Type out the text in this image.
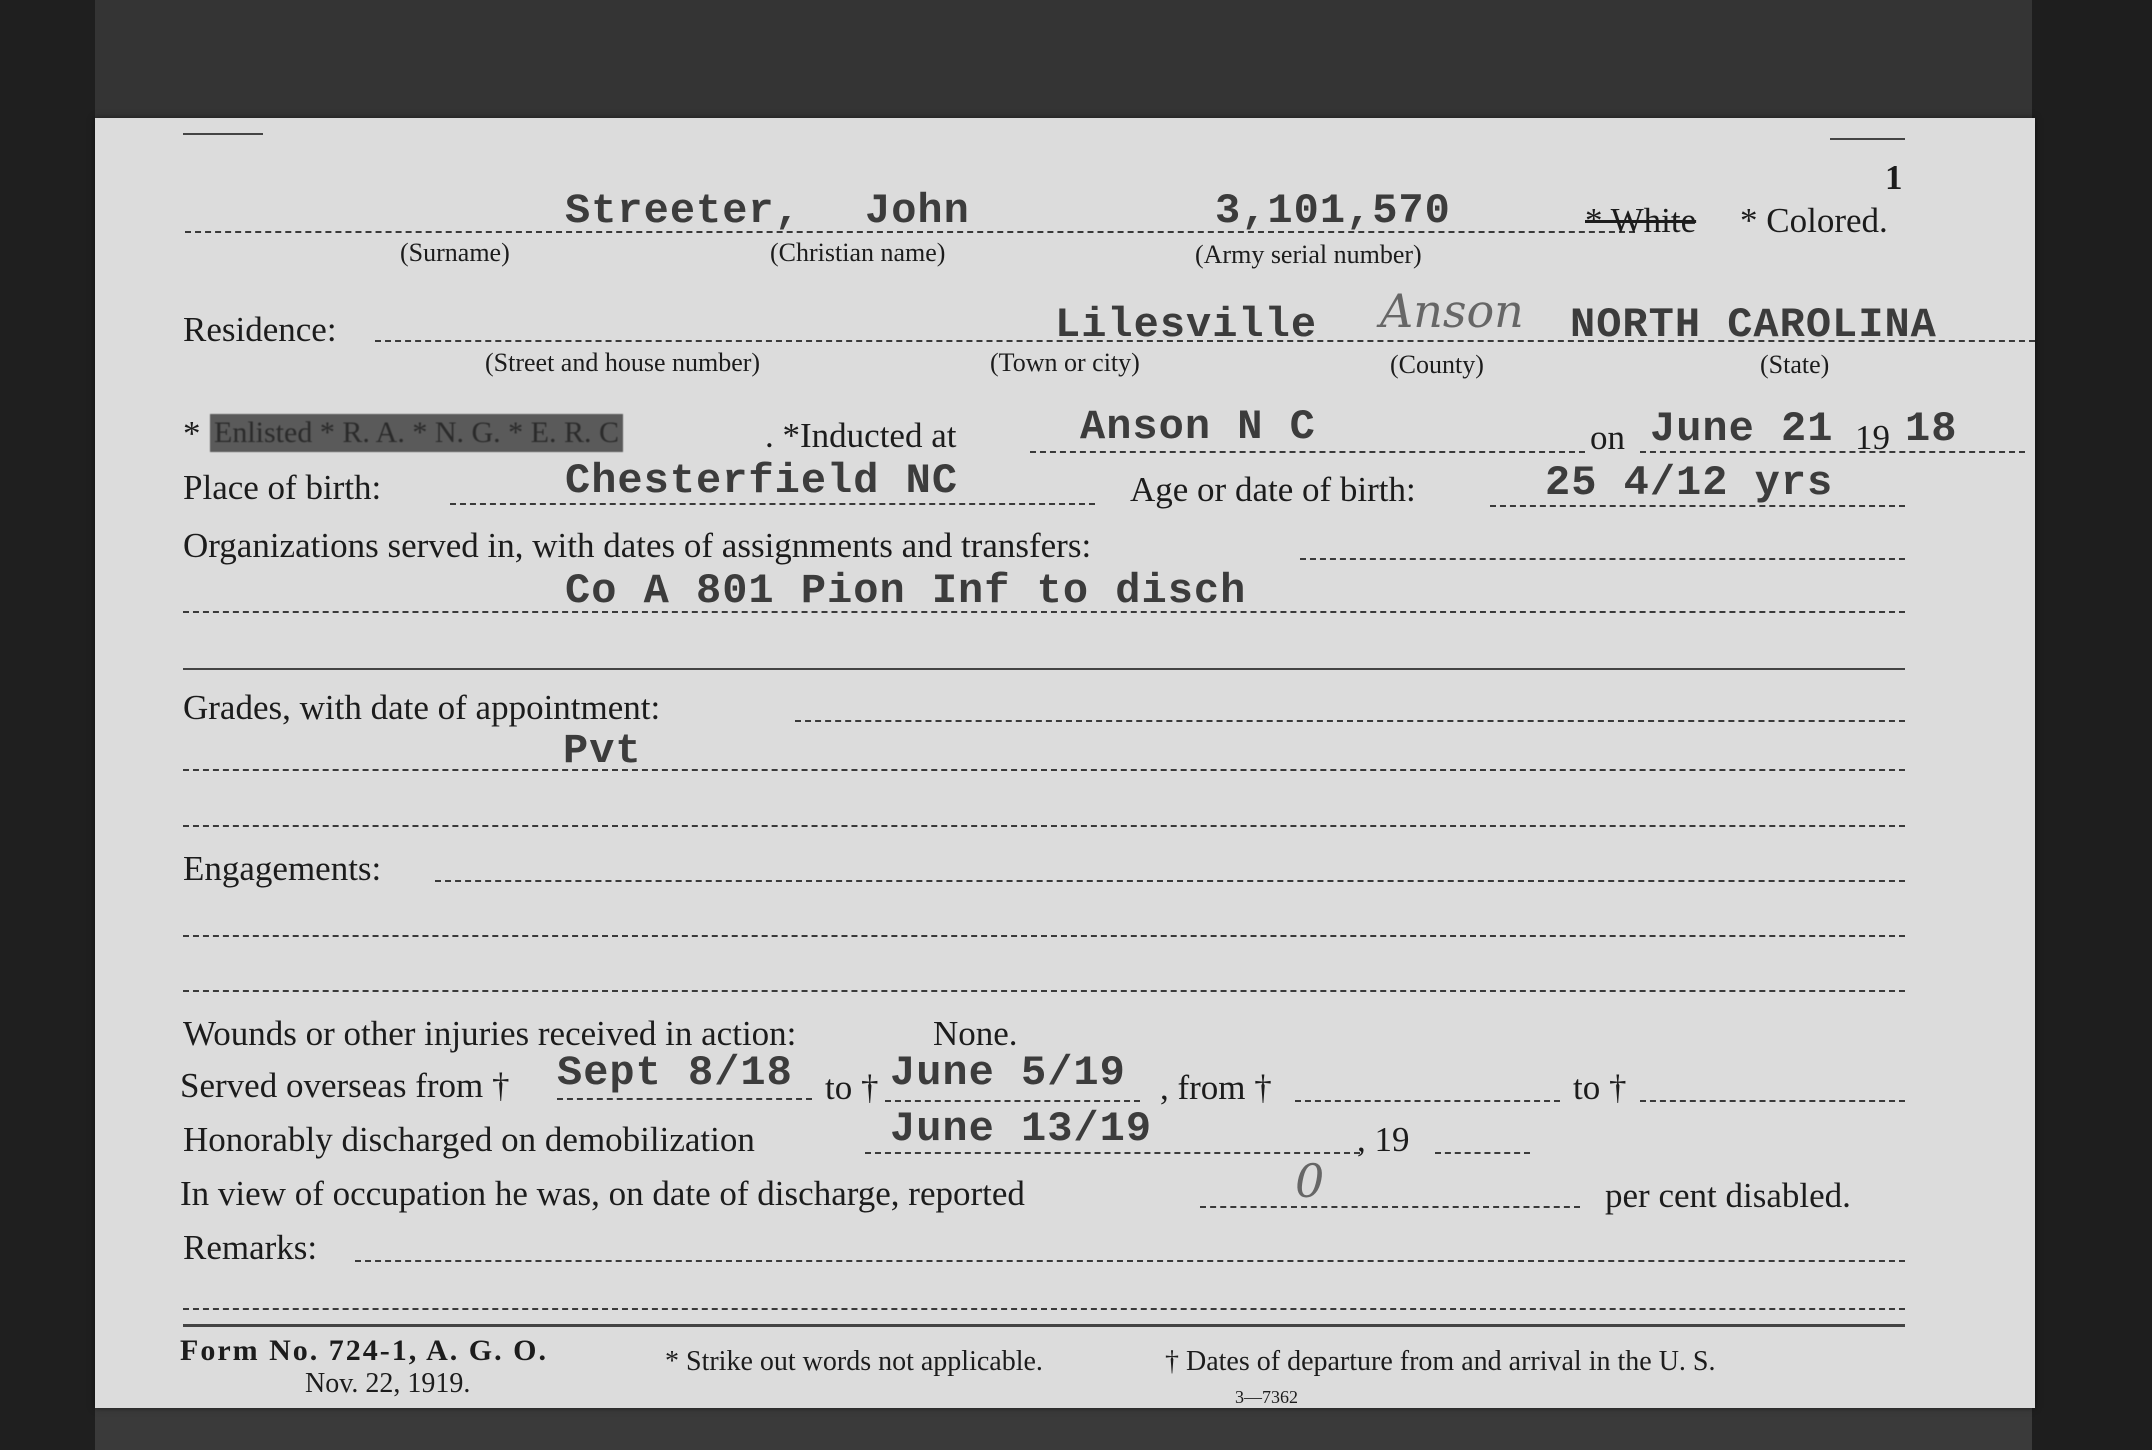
1
Streeter, John	3,101,570	* White * Colored.
(Surname)	(Christian name)	(Army serial number)
Residence:	Lilesville Anson NORTH CAROLINA
(Street and house number)	(Town or city)	(County)	(State)
* Enlisted * R. A. * N. G. * E. R. C	. *Inducted at	Anson N C	on June 21 19 18
Place of birth:	Chesterfield NC	Age or date of birth:	25 4/12 yrs
Organizations served in, with dates of assignments and transfers:
Co A 801 Pion Inf to disch
Grades, with date of appointment:
Pvt
Engagements:
Wounds or other injuries received in action:	None.
Served overseas from † Sept 8/18 to † June 5/19 , from †	to †
Honorably discharged on demobilization	June 13/19	, 19
In view of occupation he was, on date of discharge, reported	0	per cent disabled.
Remarks:
Form No. 724-1, A. G. O.
Nov. 22, 1919.
* Strike out words not applicable.	† Dates of departure from and arrival in the U. S.
3—7362
